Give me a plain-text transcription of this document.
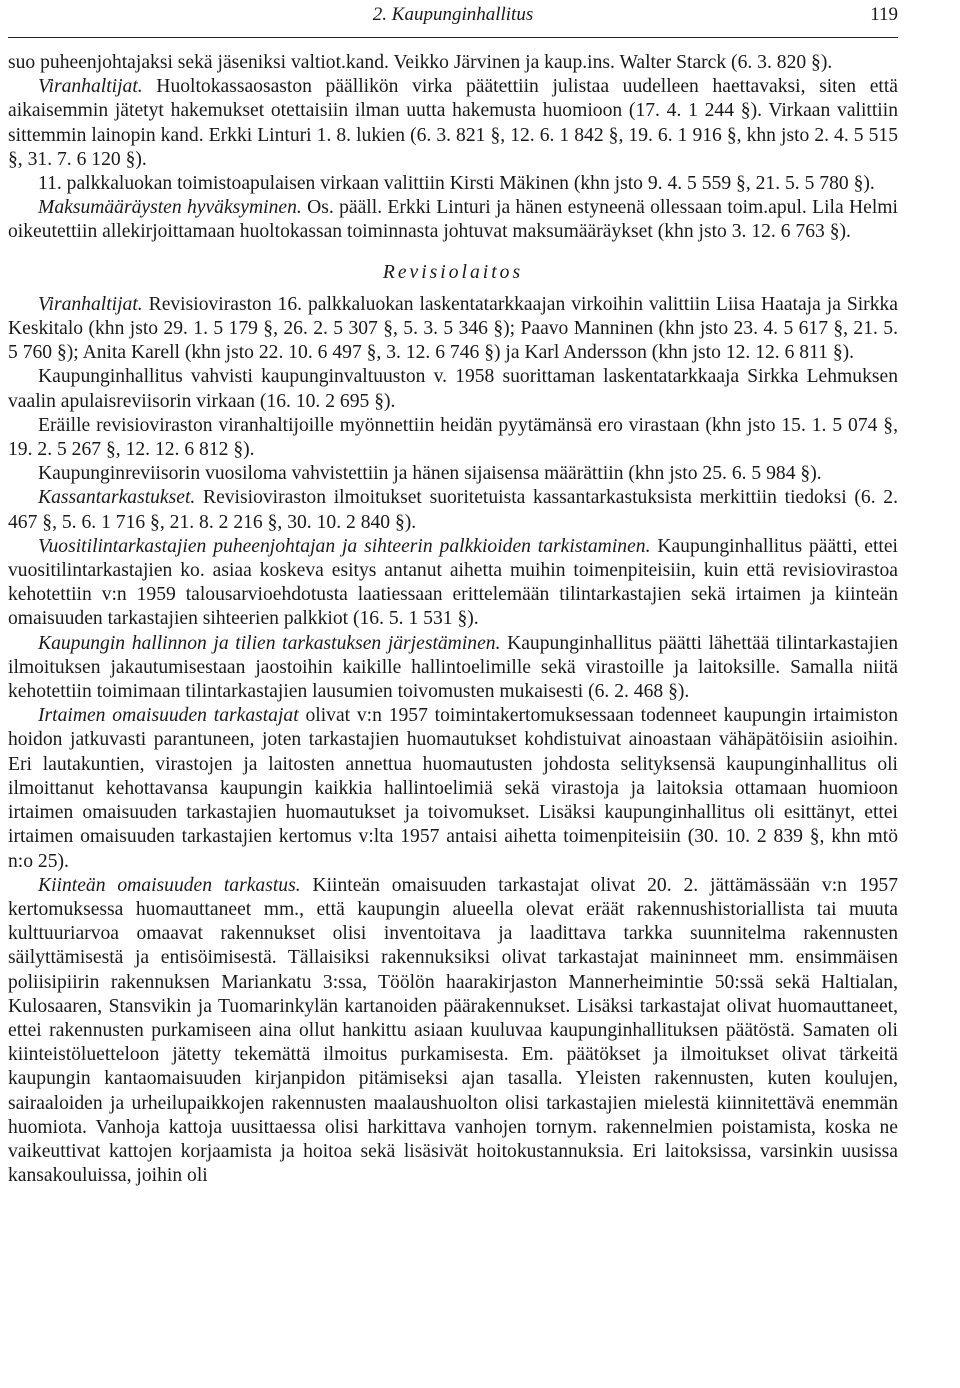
2. Kaupunginhallitus	119

suo puheenjohtajaksi sekä jäseniksi valtiot.kand. Veikko Järvinen ja kaup.ins. Walter Starck (6. 3. 820 §).

Viranhaltijat. Huoltokassaosaston päällikön virka päätettiin julistaa uudelleen haettavaksi, siten että aikaisemmin jätetyt hakemukset otettaisiin ilman uutta hakemusta huomioon (17. 4. 1 244 §). Virkaan valittiin sittemmin lainopin kand. Erkki Linturi 1. 8. lukien (6. 3. 821 §, 12. 6. 1 842 §, 19. 6. 1 916 §, khn jsto 2. 4. 5 515 §, 31. 7. 6 120 §).

11. palkkaluokan toimistoapulaisen virkaan valittiin Kirsti Mäkinen (khn jsto 9. 4. 5 559 §, 21. 5. 5 780 §).

Maksumääräysten hyväksyminen. Os. pääll. Erkki Linturi ja hänen estyneenä ollessaan toim.apul. Lila Helmi oikeutettiin allekirjoittamaan huoltokassan toiminnasta johtuvat maksumääräykset (khn jsto 3. 12. 6 763 §).

Revisiolaitos

Viranhaltijat. Revisioviraston 16. palkkaluokan laskentatarkkaajan virkoihin valittiin Liisa Haataja ja Sirkka Keskitalo (khn jsto 29. 1. 5 179 §, 26. 2. 5 307 §, 5. 3. 5 346 §); Paavo Manninen (khn jsto 23. 4. 5 617 §, 21. 5. 5 760 §); Anita Karell (khn jsto 22. 10. 6 497 §, 3. 12. 6 746 §) ja Karl Andersson (khn jsto 12. 12. 6 811 §).

Kaupunginhallitus vahvisti kaupunginvaltuuston v. 1958 suorittaman laskentatarkkaaja Sirkka Lehmuksen vaalin apulaisreviisorin virkaan (16. 10. 2 695 §).

Eräille revisioviraston viranhaltijoille myönnettiin heidän pyytämänsä ero virastaan (khn jsto 15. 1. 5 074 §, 19. 2. 5 267 §, 12. 12. 6 812 §).

Kaupunginreviisorin vuosiloma vahvistettiin ja hänen sijaisensa määrättiin (khn jsto 25. 6. 5 984 §).

Kassantarkastukset. Revisioviraston ilmoitukset suoritetuista kassantarkastuksista merkittiin tiedoksi (6. 2. 467 §, 5. 6. 1 716 §, 21. 8. 2 216 §, 30. 10. 2 840 §).

Vuositilintarkastajien puheenjohtajan ja sihteerin palkkioiden tarkistaminen. Kaupunginhallitus päätti, ettei vuositilintarkastajien ko. asiaa koskeva esitys antanut aihetta muihin toimenpiteisiin, kuin että revisiovirastoa kehotettiin v:n 1959 talousarvioehdotusta laatiessaan erittelemään tilintarkastajien sekä irtaimen ja kiinteän omaisuuden tarkastajien sihteerien palkkiot (16. 5. 1 531 §).

Kaupungin hallinnon ja tilien tarkastuksen järjestäminen. Kaupunginhallitus päätti lähettää tilintarkastajien ilmoituksen jakautumisestaan jaostoihin kaikille hallintoelimille sekä virastoille ja laitoksille. Samalla niitä kehotettiin toimimaan tilintarkastajien lausumien toivomusten mukaisesti (6. 2. 468 §).

Irtaimen omaisuuden tarkastajat olivat v:n 1957 toimintakertomuksessaan todenneet kaupungin irtaimiston hoidon jatkuvasti parantuneen, joten tarkastajien huomautukset kohdistuivat ainoastaan vähäpätöisiin asioihin. Eri lautakuntien, virastojen ja laitosten annettua huomautusten johdosta selityksensä kaupunginhallitus oli ilmoittanut kehottavansa kaupungin kaikkia hallintoelimiä sekä virastoja ja laitoksia ottamaan huomioon irtaimen omaisuuden tarkastajien huomautukset ja toivomukset. Lisäksi kaupunginhallitus oli esittänyt, ettei irtaimen omaisuuden tarkastajien kertomus v:lta 1957 antaisi aihetta toimenpiteisiin (30. 10. 2 839 §, khn mtö n:o 25).

Kiinteän omaisuuden tarkastus. Kiinteän omaisuuden tarkastajat olivat 20. 2. jättämässään v:n 1957 kertomuksessa huomauttaneet mm., että kaupungin alueella olevat eräät rakennushistoriallista tai muuta kulttuuriarvoa omaavat rakennukset olisi inventoitava ja laadittava tarkka suunnitelma rakennusten säilyttämisestä ja entisöimisestä. Tällaisiksi rakennuksiksi olivat tarkastajat maininneet mm. ensimmäisen poliisipiirin rakennuksen Mariankatu 3:ssa, Töölön haarakirjaston Mannerheimintie 50:ssä sekä Haltialan, Kulosaaren, Stansvikin ja Tuomarinkylän kartanoiden päärakennukset. Lisäksi tarkastajat olivat huomauttaneet, ettei rakennusten purkamiseen aina ollut hankittu asiaan kuuluvaa kaupunginhallituksen päätöstä. Samaten oli kiinteistöluetteloon jätetty tekemättä ilmoitus purkamisesta. Em. päätökset ja ilmoitukset olivat tärkeitä kaupungin kantaomaisuuden kirjanpidon pitämiseksi ajan tasalla. Yleisten rakennusten, kuten koulujen, sairaaloiden ja urheilupaikkojen rakennusten maalaushuolton olisi tarkastajien mielestä kiinnitettävä enemmän huomiota. Vanhoja kattoja uusittaessa olisi harkittava vanhojen tornym. rakennelmien poistamista, koska ne vaikeuttivat kattojen korjaamista ja hoitoa sekä lisäsivät hoitokustannuksia. Eri laitoksissa, varsinkin uusissa kansakouluissa, joihin oli
